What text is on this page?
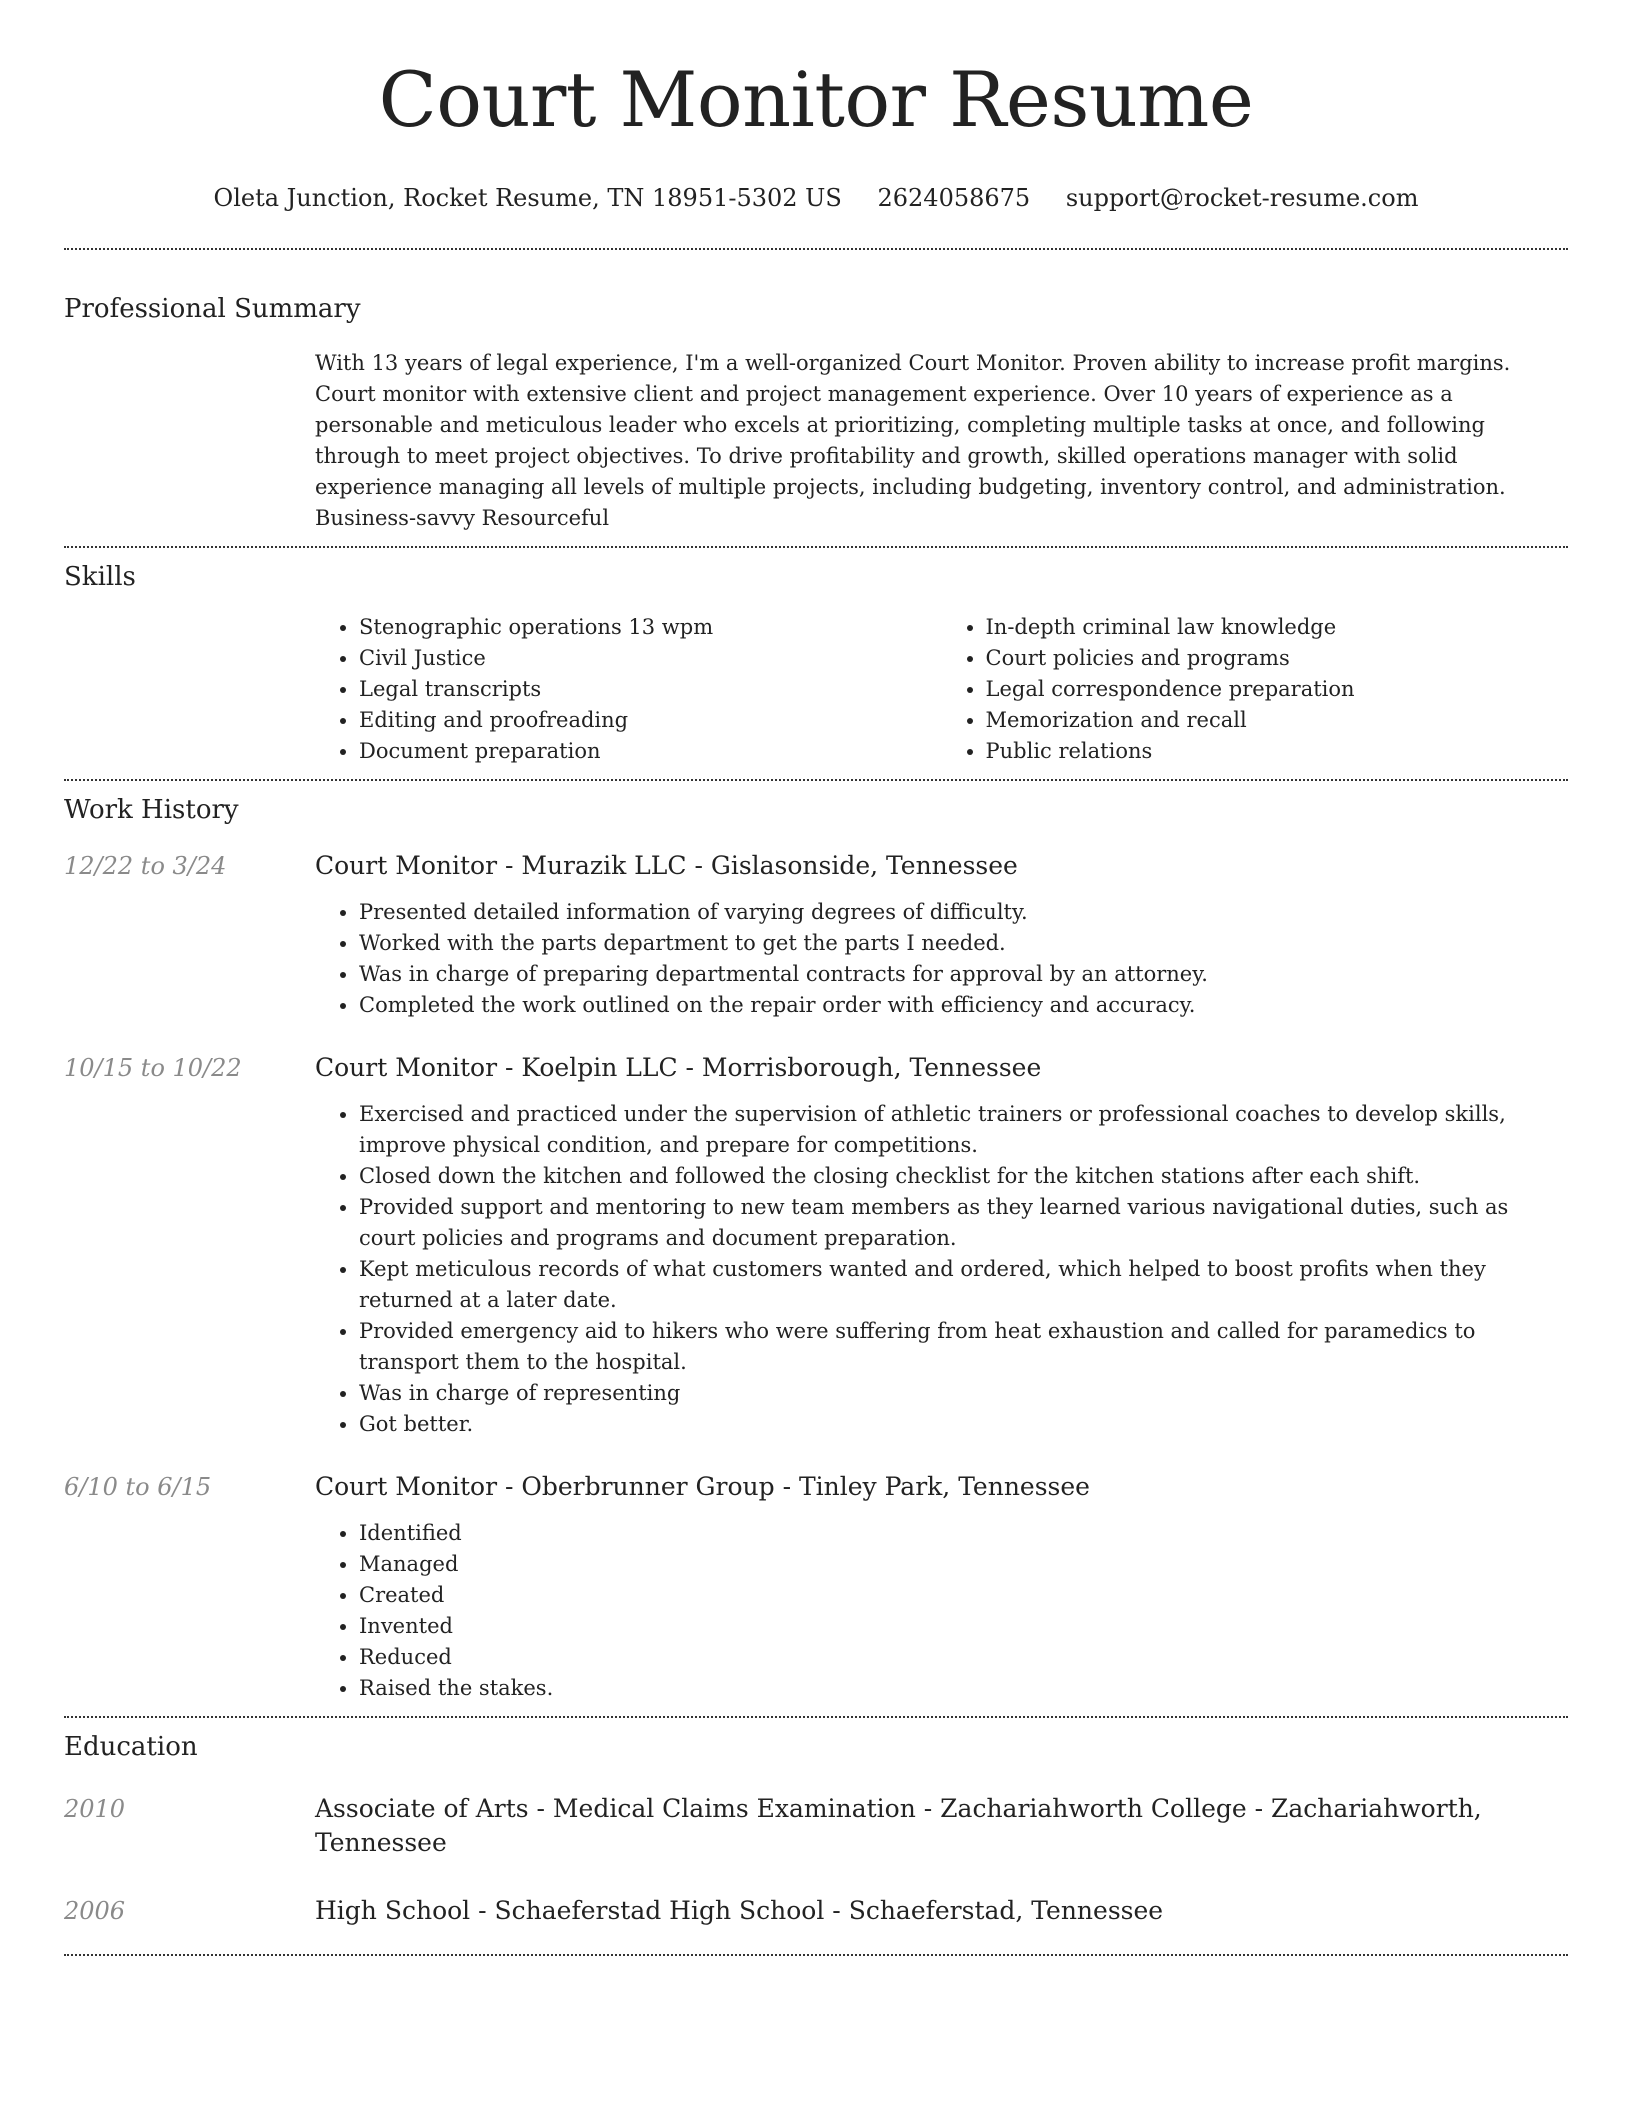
Court Monitor Resume
Oleta Junction, Rocket Resume, TN 18951-5302 US 2624058675 support@rocket-resume.com
Professional Summary
With 13 years of legal experience, I'm a well-organized Court Monitor. Proven ability to increase profit margins. Court monitor with extensive client and project management experience. Over 10 years of experience as a personable and meticulous leader who excels at prioritizing, completing multiple tasks at once, and following through to meet project objectives. To drive profitability and growth, skilled operations manager with solid experience managing all levels of multiple projects, including budgeting, inventory control, and administration. Business-savvy Resourceful
Skills
• Stenographic operations 13 wpm
• Civil Justice
• Legal transcripts
• Editing and proofreading
• Document preparation
• In-depth criminal law knowledge
• Court policies and programs
• Legal correspondence preparation
• Memorization and recall
• Public relations
Work History
12/22 to 3/24	Court Monitor - Murazik LLC - Gislasonside, Tennessee
• Presented detailed information of varying degrees of difficulty.
• Worked with the parts department to get the parts I needed.
• Was in charge of preparing departmental contracts for approval by an attorney.
• Completed the work outlined on the repair order with efficiency and accuracy.
10/15 to 10/22	Court Monitor - Koelpin LLC - Morrisborough, Tennessee
• Exercised and practiced under the supervision of athletic trainers or professional coaches to develop skills, improve physical condition, and prepare for competitions.
• Closed down the kitchen and followed the closing checklist for the kitchen stations after each shift.
• Provided support and mentoring to new team members as they learned various navigational duties, such as court policies and programs and document preparation.
• Kept meticulous records of what customers wanted and ordered, which helped to boost profits when they returned at a later date.
• Provided emergency aid to hikers who were suffering from heat exhaustion and called for paramedics to transport them to the hospital.
• Was in charge of representing
• Got better.
6/10 to 6/15	Court Monitor - Oberbrunner Group - Tinley Park, Tennessee
• Identified
• Managed
• Created
• Invented
• Reduced
• Raised the stakes.
Education
2010	Associate of Arts - Medical Claims Examination - Zachariahworth College - Zachariahworth, Tennessee
2006	High School - Schaeferstad High School - Schaeferstad, Tennessee
